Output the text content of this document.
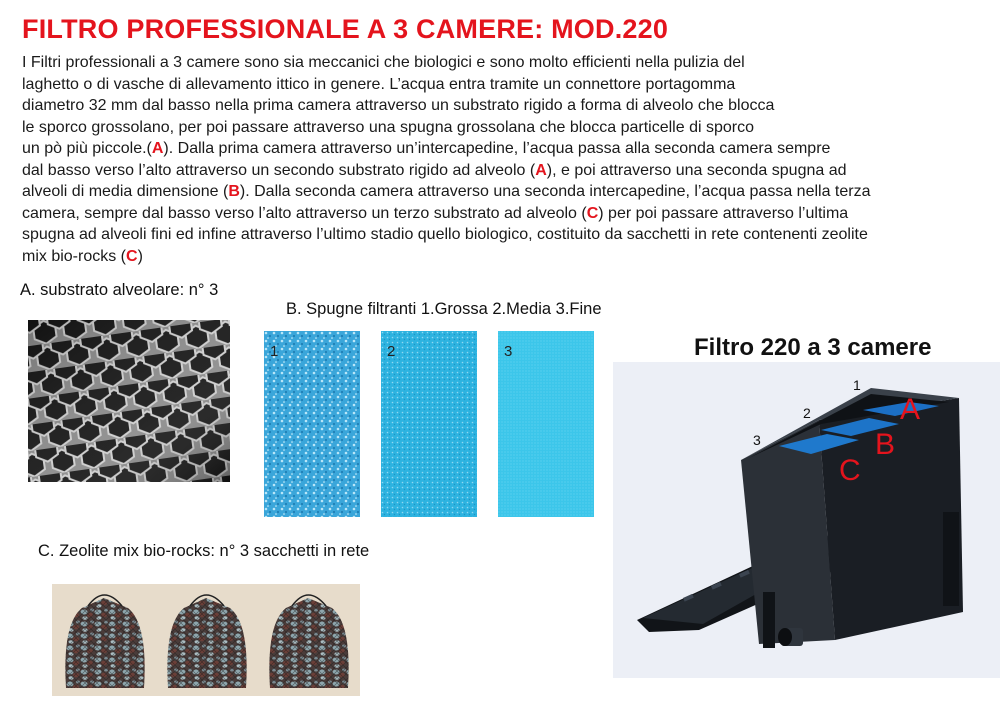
FILTRO PROFESSIONALE A 3 CAMERE: MOD.220

I Filtri professionali a 3 camere sono sia meccanici che biologici e sono molto efficienti nella pulizia del

laghetto o di vasche di allevamento ittico in genere. L’acqua entra tramite un connettore portagomma

diametro 32 mm dal basso nella prima camera attraverso un substrato rigido a forma di alveolo che blocca

le sporco grossolano, per poi passare attraverso una spugna grossolana che blocca particelle di sporco

un pò più piccole.(A). Dalla prima camera attraverso un’intercapedine, l’acqua passa alla seconda camera sempre

dal basso verso l’alto attraverso un secondo substrato rigido ad alveolo (A), e poi attraverso una seconda spugna ad

alveoli di media dimensione (B). Dalla seconda camera attraverso una seconda intercapedine, l’acqua passa nella terza

camera, sempre dal basso verso l’alto attraverso un terzo substrato ad alveolo (C) per poi passare attraverso l’ultima

spugna ad alveoli fini ed infine attraverso l’ultimo stadio quello biologico, costituito da sacchetti in rete contenenti zeolite

mix bio-rocks (C)

A. substrato alveolare: n° 3
B. Spugne filtranti 1.Grossa 2.Media 3.Fine
1	2	3	Filtro 220 a 3 camere
1
2
3
A
B
C
C. Zeolite mix bio-rocks: n° 3 sacchetti in rete
